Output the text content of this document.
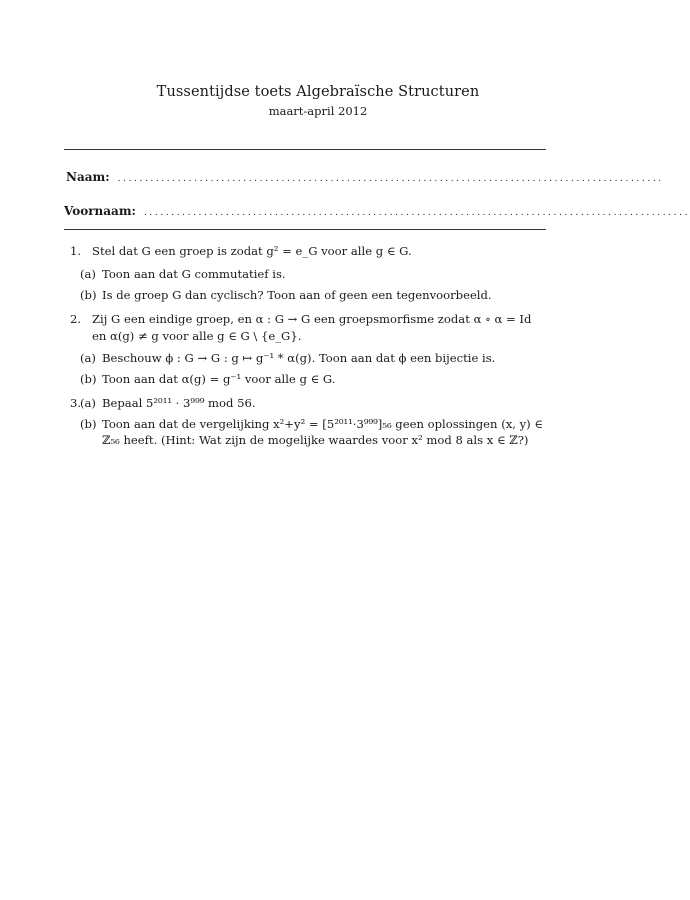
Tussentijdse toets Algebraïsche Structuren
maart-april 2012
Naam: ....................................................................................................
Voornaam: ....................................................................................................
1. Stel dat G een groep is zodat g² = e_G voor alle g ∈ G.
(a) Toon aan dat G commutatief is.
(b) Is de groep G dan cyclisch? Toon aan of geen een tegenvoorbeeld.
2. Zij G een eindige groep, en α : G → G een groepsmorfisme zodat α ∘ α = Id en α(g) ≠ g voor alle g ∈ G \ {e_G}.
(a) Beschouw ϕ : G → G : g ↦ g⁻¹ * α(g). Toon aan dat ϕ een bijectie is.
(b) Toon aan dat α(g) = g⁻¹ voor alle g ∈ G.
3.
(a) Bepaal 5²⁰¹¹ · 3⁹⁹⁹ mod 56.
(b) Toon aan dat de vergelijking x²+y² = [5²⁰¹¹·3⁹⁹⁹]₅₆ geen oplossingen (x, y) ∈ ℤ₅₆ heeft. (Hint: Wat zijn de mogelijke waardes voor x² mod 8 als x ∈ ℤ?)
